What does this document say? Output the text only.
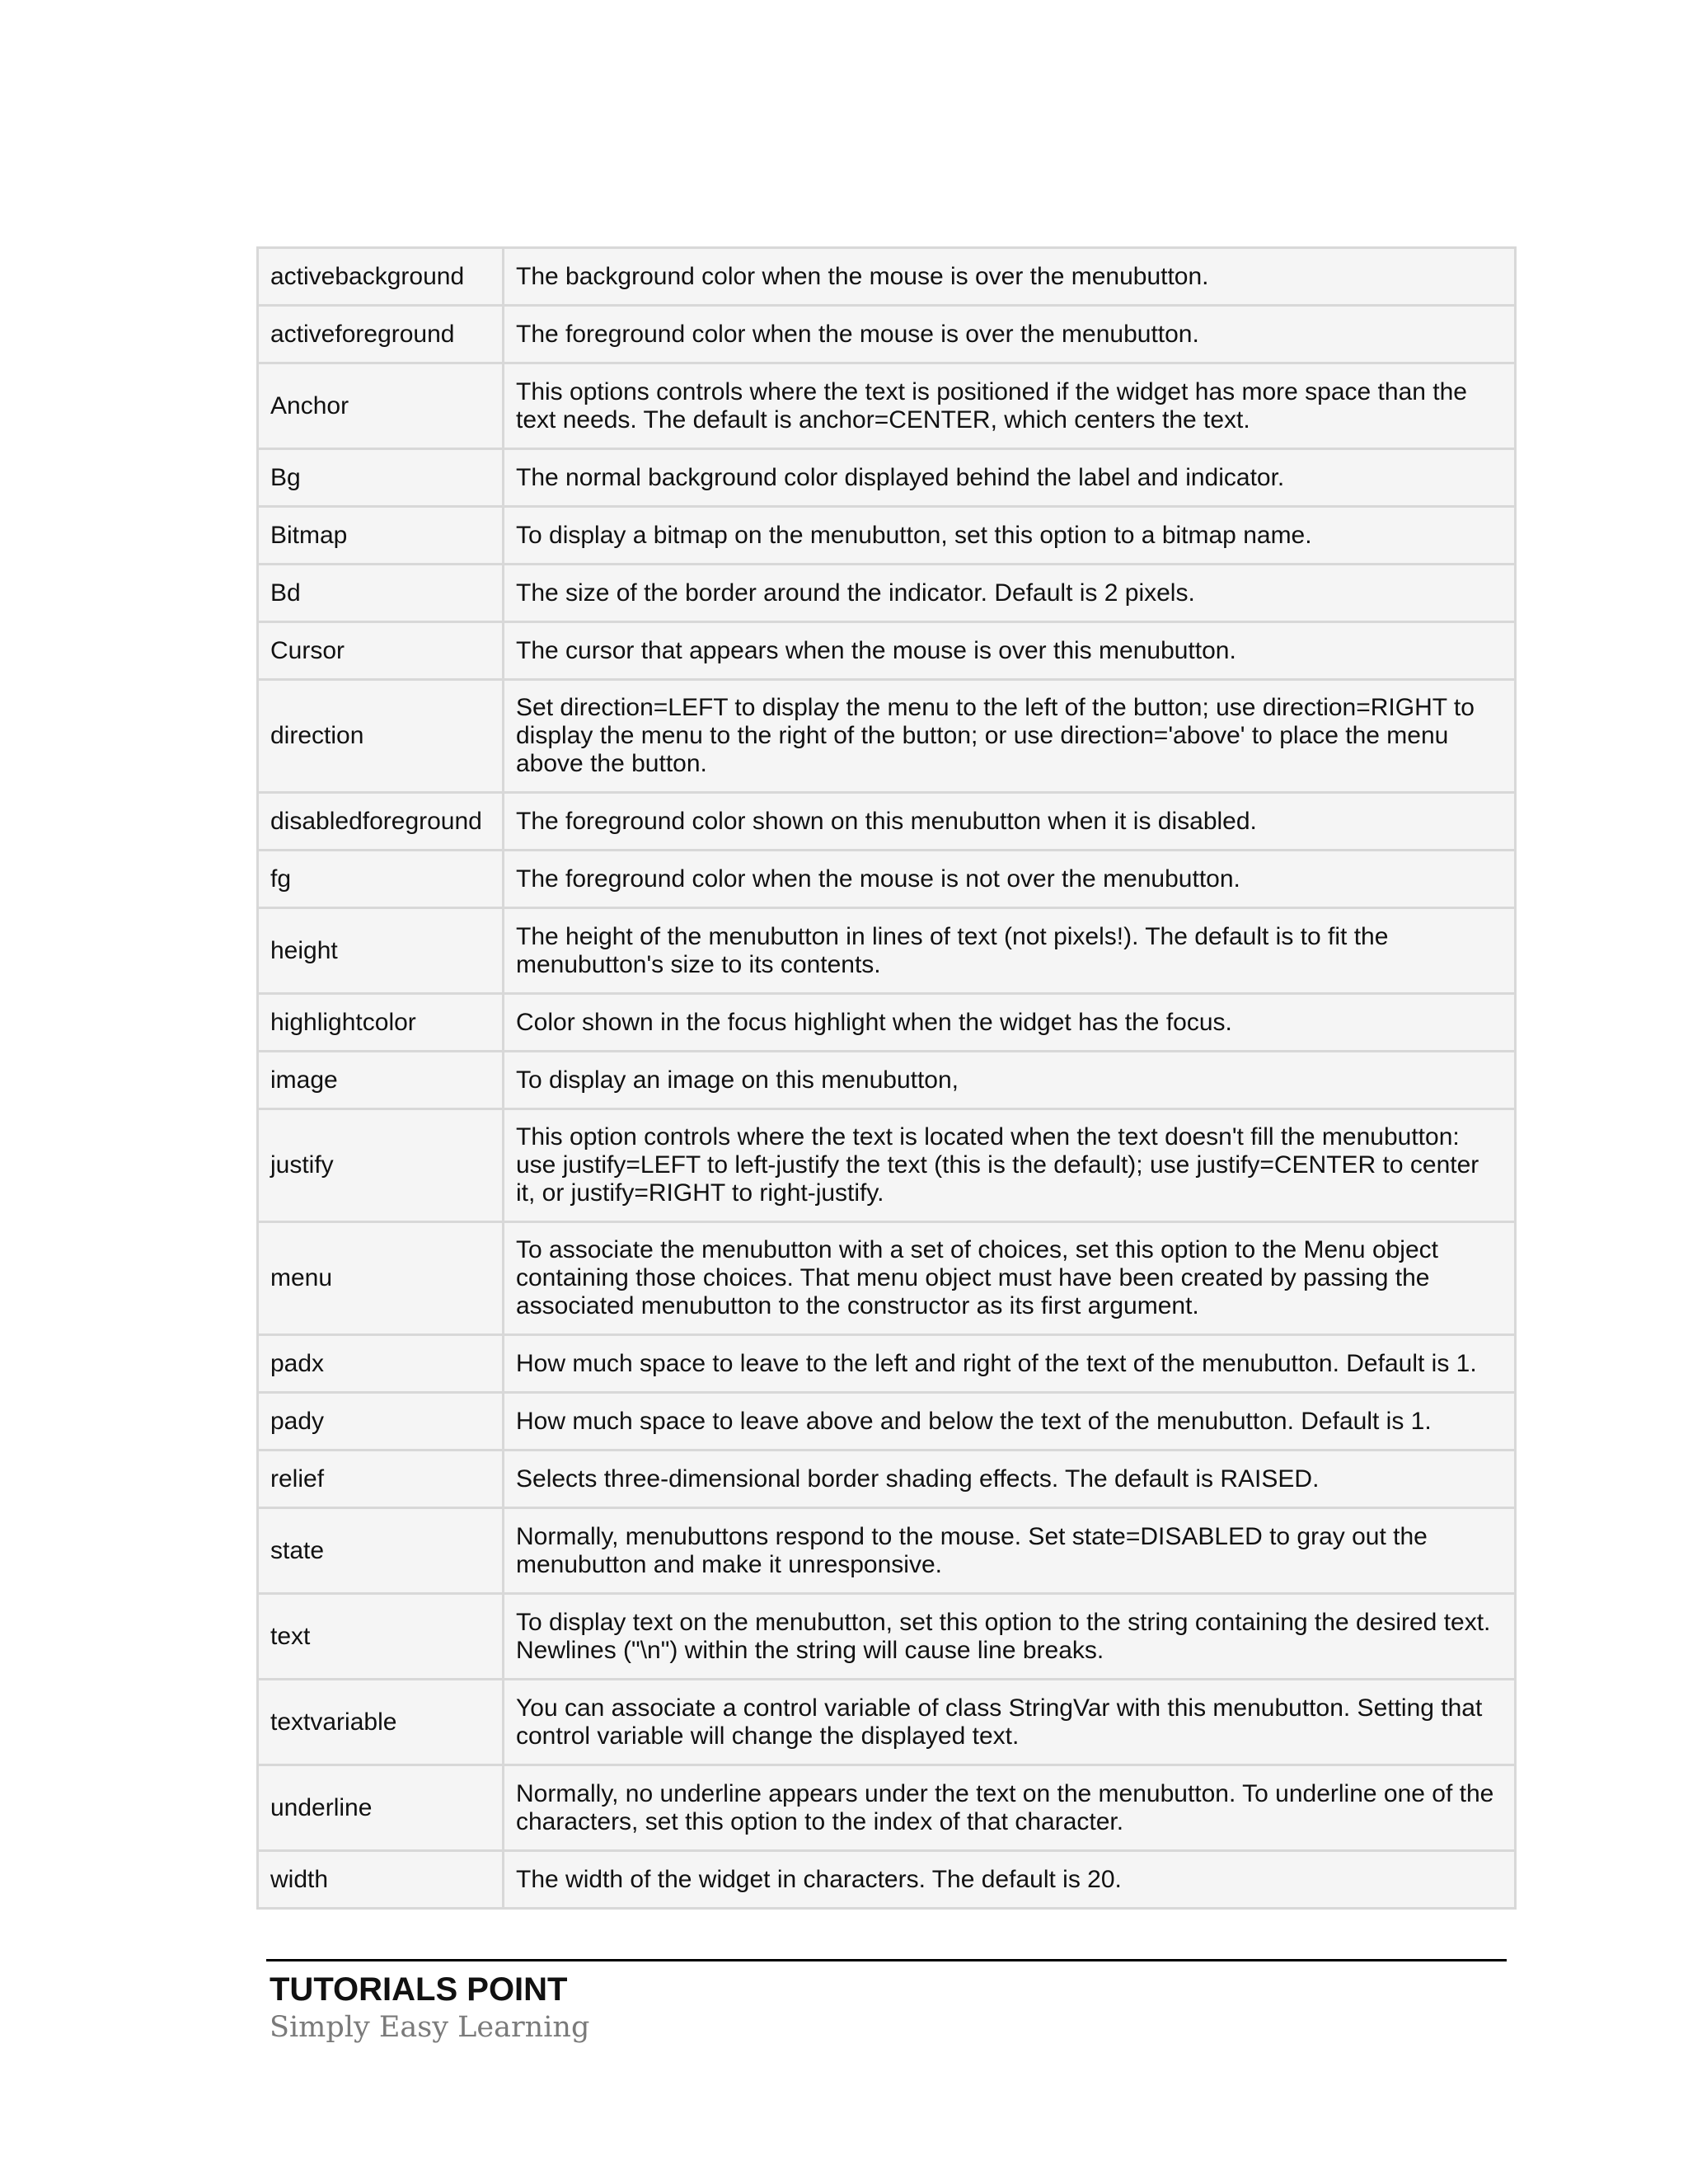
activebackground	The background color when the mouse is over the menubutton.
activeforeground	The foreground color when the mouse is over the menubutton.
Anchor	This options controls where the text is positioned if the widget has more space than the text needs. The default is anchor=CENTER, which centers the text.
Bg	The normal background color displayed behind the label and indicator.
Bitmap	To display a bitmap on the menubutton, set this option to a bitmap name.
Bd	The size of the border around the indicator. Default is 2 pixels.
Cursor	The cursor that appears when the mouse is over this menubutton.
direction	Set direction=LEFT to display the menu to the left of the button; use direction=RIGHT to display the menu to the right of the button; or use direction='above' to place the menu above the button.
disabledforeground	The foreground color shown on this menubutton when it is disabled.
fg	The foreground color when the mouse is not over the menubutton.
height	The height of the menubutton in lines of text (not pixels!). The default is to fit the menubutton's size to its contents.
highlightcolor	Color shown in the focus highlight when the widget has the focus.
image	To display an image on this menubutton,
justify	This option controls where the text is located when the text doesn't fill the menubutton: use justify=LEFT to left-justify the text (this is the default); use justify=CENTER to center it, or justify=RIGHT to right-justify.
menu	To associate the menubutton with a set of choices, set this option to the Menu object containing those choices. That menu object must have been created by passing the associated menubutton to the constructor as its first argument.
padx	How much space to leave to the left and right of the text of the menubutton. Default is 1.
pady	How much space to leave above and below the text of the menubutton. Default is 1.
relief	Selects three-dimensional border shading effects. The default is RAISED.
state	Normally, menubuttons respond to the mouse. Set state=DISABLED to gray out the menubutton and make it unresponsive.
text	To display text on the menubutton, set this option to the string containing the desired text. Newlines ("\n") within the string will cause line breaks.
textvariable	You can associate a control variable of class StringVar with this menubutton. Setting that control variable will change the displayed text.
underline	Normally, no underline appears under the text on the menubutton. To underline one of the characters, set this option to the index of that character.
width	The width of the widget in characters. The default is 20.
TUTORIALS POINT
Simply Easy Learning
